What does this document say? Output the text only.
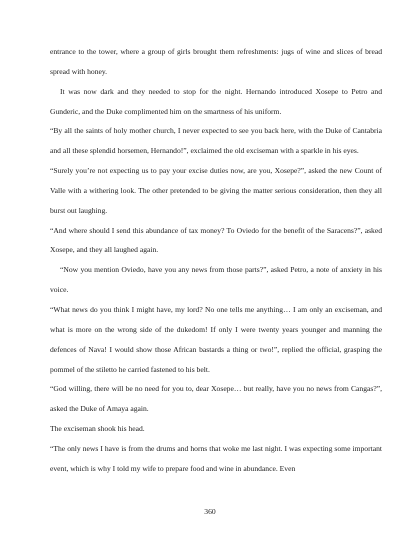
entrance to the tower, where a group of girls brought them refreshments: jugs of wine and slices of bread spread with honey.

It was now dark and they needed to stop for the night. Hernando introduced Xosepe to Petro and Gunderic, and the Duke complimented him on the smartness of his uniform.

“By all the saints of holy mother church, I never expected to see you back here, with the Duke of Cantabria and all these splendid horsemen, Hernando!”, exclaimed the old exciseman with a sparkle in his eyes.

“Surely you’re not expecting us to pay your excise duties now, are you, Xosepe?”, asked the new Count of Valle with a withering look. The other pretended to be giving the matter serious consideration, then they all burst out laughing.

“And where should I send this abundance of tax money? To Oviedo for the benefit of the Saracens?”, asked Xosepe, and they all laughed again.

“Now you mention Oviedo, have you any news from those parts?”, asked Petro, a note of anxiety in his voice.

“What news do you think I might have, my lord? No one tells me anything… I am only an exciseman, and what is more on the wrong side of the dukedom! If only I were twenty years younger and manning the defences of Nava! I would show those African bastards a thing or two!”, replied the official, grasping the pommel of the stiletto he carried fastened to his belt.

“God willing, there will be no need for you to, dear Xosepe… but really, have you no news from Cangas?”, asked the Duke of Amaya again.

The exciseman shook his head.

“The only news I have is from the drums and horns that woke me last night. I was expecting some important event, which is why I told my wife to prepare food and wine in abundance. Even

360
